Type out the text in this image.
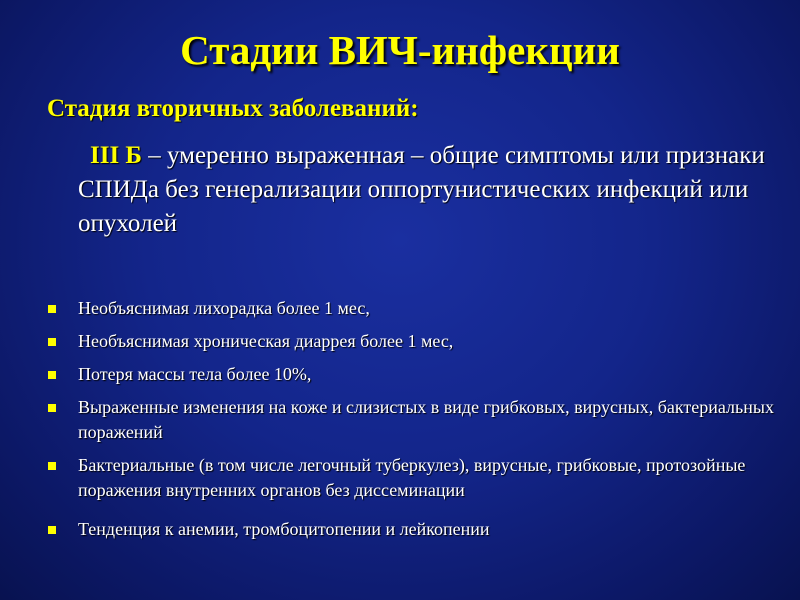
Стадии ВИЧ-инфекции
Стадия вторичных заболеваний:
III Б – умеренно выраженная – общие симптомы или признаки СПИДа без генерализации оппортунистических инфекций или опухолей
Необъяснимая лихорадка более 1 мес,
Необъяснимая хроническая диаррея более 1 мес,
Потеря массы тела более 10%,
Выраженные изменения на коже и слизистых в виде грибковых, вирусных, бактериальных поражений
Бактериальные (в том числе легочный туберкулез), вирусные, грибковые, протозойные поражения внутренних органов без диссеминации
Тенденция к анемии, тромбоцитопении и лейкопении
